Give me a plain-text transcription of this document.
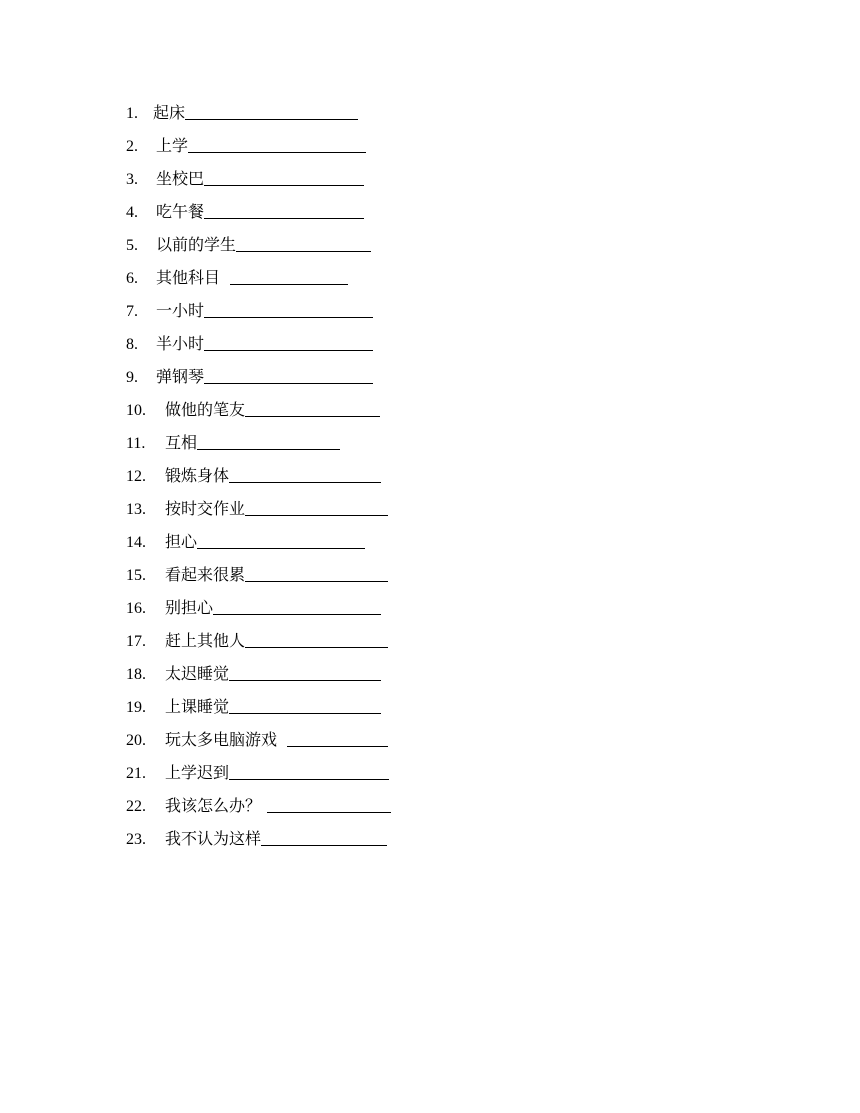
1. 起床
2.	上学
3.	坐校巴
4.	吃午餐
5.	以前的学生
6.	其他科目
7.	一小时
8.	半小时
9.	弹钢琴
10.	做他的笔友
11.	互相
12.	锻炼身体
13.	按时交作业
14.	担心
15.	看起来很累
16.	别担心
17.	赶上其他人
18.	太迟睡觉
19.	上课睡觉
20.	玩太多电脑游戏
21.	上学迟到
22.	我该怎么办？
23.	我不认为这样
